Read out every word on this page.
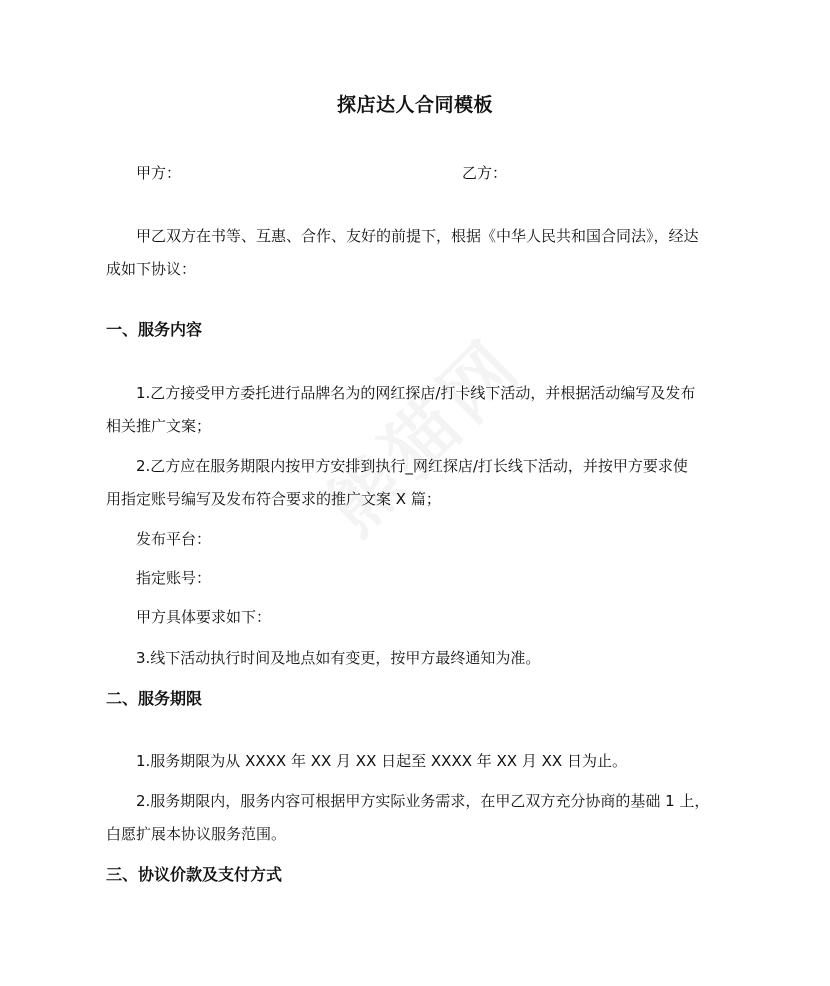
探店达人合同模板
甲方：	乙方：
甲乙双方在书等、互惠、合作、友好的前提下，根据《中华人民共和国合同法》，经达
成如下协议：
一、服务内容
1.乙方接受甲方委托进行品牌名为的网红探店/打卡线下活动，并根据活动编写及发布
相关推广文案；
2.乙方应在服务期限内按甲方安排到执行_网红探店/打长线下活动，并按甲方要求使
用指定账号编写及发布符合要求的推广文案 X 篇；
发布平台：
指定账号：
甲方具体要求如下：
3.线下活动执行时间及地点如有变更，按甲方最终通知为准。
二、服务期限
1.服务期限为从 XXXX 年 XX 月 XX 日起至 XXXX 年 XX 月 XX 日为止。
2.服务期限内，服务内容可根据甲方实际业务需求，在甲乙双方充分协商的基础 1 上，
白愿扩展本协议服务范围。
三、协议价款及支付方式
